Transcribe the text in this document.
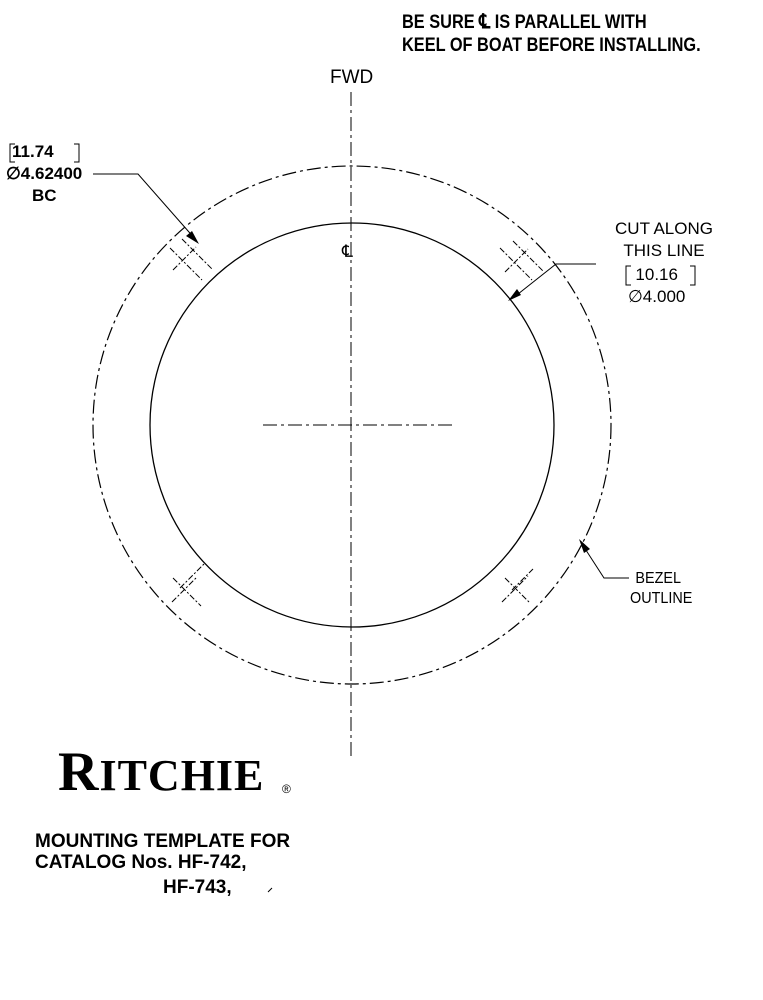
BE SURE ℄ IS PARALLEL WITH
KEEL OF BOAT BEFORE INSTALLING.
FWD
℄
11.74
∅4.62400
BC
CUT ALONG
THIS LINE
10.16
∅4.000
BEZEL
OUTLINE
RITCHIE ®
MOUNTING TEMPLATE FOR
CATALOG Nos. HF-742,
HF-743,
